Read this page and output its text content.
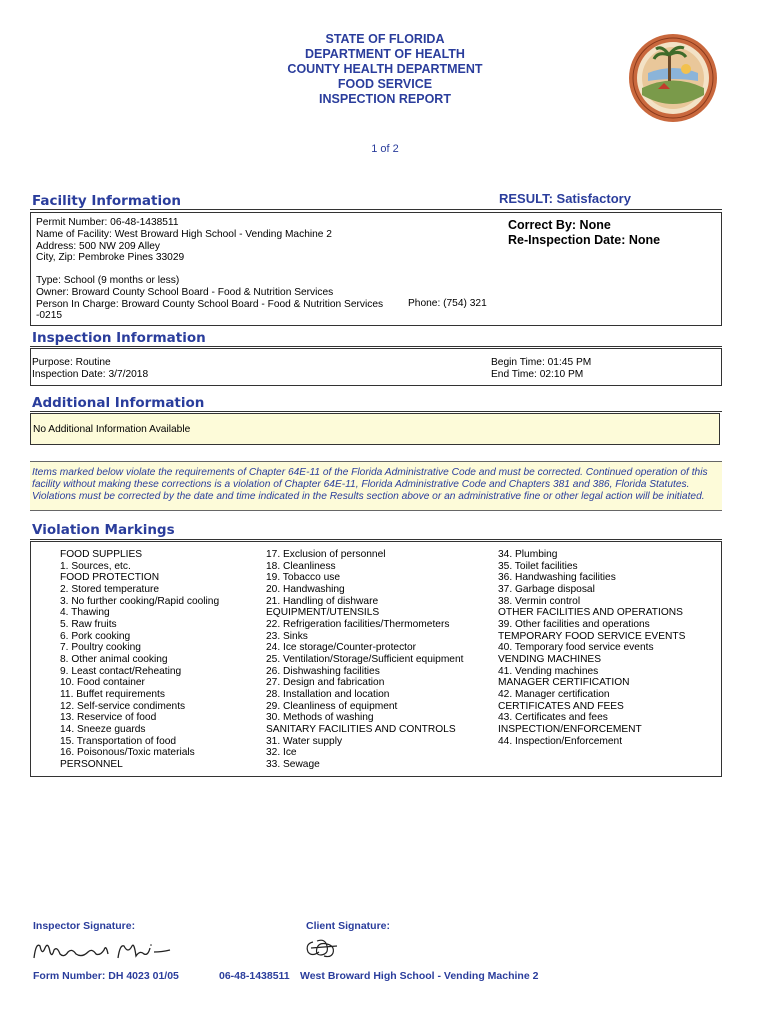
STATE OF FLORIDA
DEPARTMENT OF HEALTH
COUNTY HEALTH DEPARTMENT
FOOD SERVICE
INSPECTION REPORT
1 of 2
Facility Information	RESULT: Satisfactory
Permit Number: 06-48-1438511
Name of Facility: West Broward High School - Vending Machine 2
Address: 500 NW 209 Alley
City, Zip: Pembroke Pines 33029
Type: School (9 months or less)
Owner: Broward County School Board - Food & Nutrition Services
Person In Charge: Broward County School Board - Food & Nutrition Services
-0215
Phone: (754) 321
Correct By: None
Re-Inspection Date: None
Inspection Information
Purpose: Routine
Inspection Date: 3/7/2018
Begin Time: 01:45 PM
End Time: 02:10 PM
Additional Information
No Additional Information Available
Items marked below violate the requirements of Chapter 64E-11 of the Florida Administrative Code and must be corrected. Continued operation of this
facility without making these corrections is a violation of Chapter 64E-11, Florida Administrative Code and Chapters 381 and 386, Florida Statutes.
Violations must be corrected by the date and time indicated in the Results section above or an administrative fine or other legal action will be initiated.
Violation Markings
FOOD SUPPLIES
1. Sources, etc.
FOOD PROTECTION
2. Stored temperature
3. No further cooking/Rapid cooling
4. Thawing
5. Raw fruits
6. Pork cooking
7. Poultry cooking
8. Other animal cooking
9. Least contact/Reheating
10. Food container
11. Buffet requirements
12. Self-service condiments
13. Reservice of food
14. Sneeze guards
15. Transportation of food
16. Poisonous/Toxic materials
PERSONNEL
17. Exclusion of personnel
18. Cleanliness
19. Tobacco use
20. Handwashing
21. Handling of dishware
EQUIPMENT/UTENSILS
22. Refrigeration facilities/Thermometers
23. Sinks
24. Ice storage/Counter-protector
25. Ventilation/Storage/Sufficient equipment
26. Dishwashing facilities
27. Design and fabrication
28. Installation and location
29. Cleanliness of equipment
30. Methods of washing
SANITARY FACILITIES AND CONTROLS
31. Water supply
32. Ice
33. Sewage
34. Plumbing
35. Toilet facilities
36. Handwashing facilities
37. Garbage disposal
38. Vermin control
OTHER FACILITIES AND OPERATIONS
39. Other facilities and operations
TEMPORARY FOOD SERVICE EVENTS
40. Temporary food service events
VENDING MACHINES
41. Vending machines
MANAGER CERTIFICATION
42. Manager certification
CERTIFICATES AND FEES
43. Certificates and fees
INSPECTION/ENFORCEMENT
44. Inspection/Enforcement
Inspector Signature:	Client Signature:
Form Number: DH 4023 01/05	06-48-1438511 West Broward High School - Vending Machine 2
